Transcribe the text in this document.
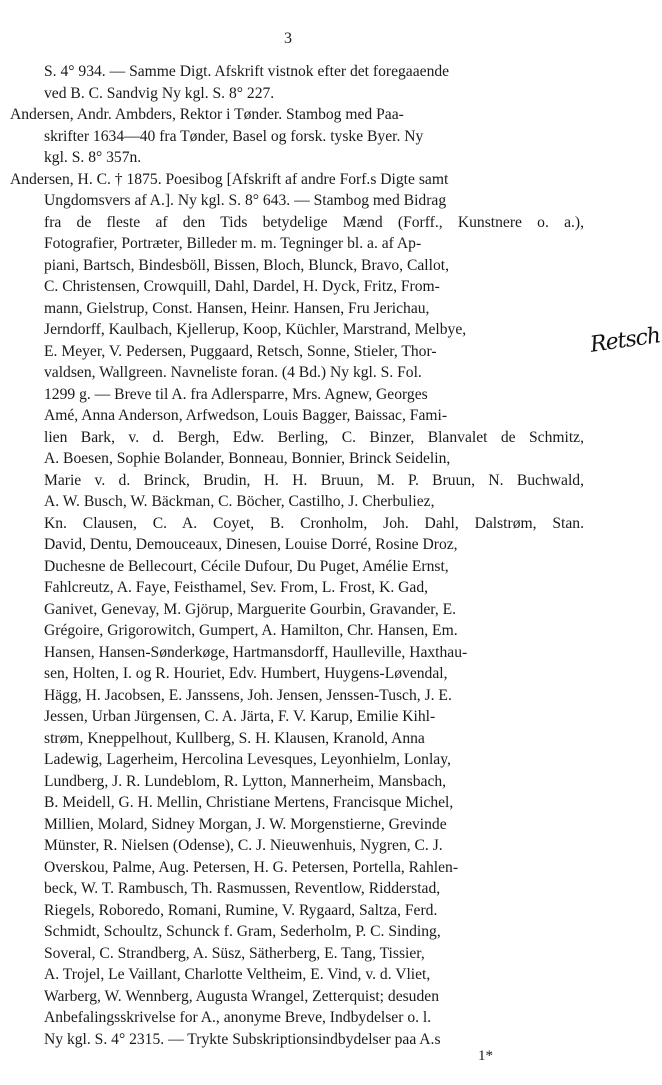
3
S. 4° 934. — Samme Digt. Afskrift vistnok efter det foregaaende
ved B. C. Sandvig Ny kgl. S. 8° 227.
Andersen, Andr. Ambders, Rektor i Tønder. Stambog med Paa-
skrifter 1634—40 fra Tønder, Basel og forsk. tyske Byer. Ny
kgl. S. 8° 357n.
Andersen, H. C. † 1875. Poesibog [Afskrift af andre Forf.s Digte samt
Ungdomsvers af A.]. Ny kgl. S. 8° 643. — Stambog med Bidrag
fra de fleste af den Tids betydelige Mænd (Forff., Kunstnere o. a.),
Fotografier, Portræter, Billeder m. m. Tegninger bl. a. af Ap-
piani, Bartsch, Bindesböll, Bissen, Bloch, Blunck, Bravo, Callot,
C. Christensen, Crowquill, Dahl, Dardel, H. Dyck, Fritz, From-
mann, Gielstrup, Const. Hansen, Heinr. Hansen, Fru Jerichau,
Jerndorff, Kaulbach, Kjellerup, Koop, Küchler, Marstrand, Melbye,
E. Meyer, V. Pedersen, Puggaard, Retsch, Sonne, Stieler, Thor-
valdsen, Wallgreen. Navneliste foran. (4 Bd.) Ny kgl. S. Fol.
1299 g. — Breve til A. fra Adlersparre, Mrs. Agnew, Georges
Amé, Anna Anderson, Arfwedson, Louis Bagger, Baissac, Fami-
lien Bark, v. d. Bergh, Edw. Berling, C. Binzer, Blanvalet de Schmitz,
A. Boesen, Sophie Bolander, Bonneau, Bonnier, Brinck Seidelin,
Marie v. d. Brinck, Brudin, H. H. Bruun, M. P. Bruun, N. Buchwald,
A. W. Busch, W. Bäckman, C. Böcher, Castilho, J. Cherbuliez,
Kn. Clausen, C. A. Coyet, B. Cronholm, Joh. Dahl, Dalstrøm, Stan.
David, Dentu, Demouceaux, Dinesen, Louise Dorré, Rosine Droz,
Duchesne de Bellecourt, Cécile Dufour, Du Puget, Amélie Ernst,
Fahlcreutz, A. Faye, Feisthamel, Sev. From, L. Frost, K. Gad,
Ganivet, Genevay, M. Gjörup, Marguerite Gourbin, Gravander, E.
Grégoire, Grigorowitch, Gumpert, A. Hamilton, Chr. Hansen, Em.
Hansen, Hansen-Sønderkøge, Hartmansdorff, Haulleville, Haxthau-
sen, Holten, I. og R. Houriet, Edv. Humbert, Huygens-Løvendal,
Hägg, H. Jacobsen, E. Janssens, Joh. Jensen, Jenssen-Tusch, J. E.
Jessen, Urban Jürgensen, C. A. Järta, F. V. Karup, Emilie Kihl-
strøm, Kneppelhout, Kullberg, S. H. Klausen, Kranold, Anna
Ladewig, Lagerheim, Hercolina Levesques, Leyonhielm, Lonlay,
Lundberg, J. R. Lundeblom, R. Lytton, Mannerheim, Mansbach,
B. Meidell, G. H. Mellin, Christiane Mertens, Francisque Michel,
Millien, Molard, Sidney Morgan, J. W. Morgenstierne, Grevinde
Münster, R. Nielsen (Odense), C. J. Nieuwenhuis, Nygren, C. J.
Overskou, Palme, Aug. Petersen, H. G. Petersen, Portella, Rahlen-
beck, W. T. Rambusch, Th. Rasmussen, Reventlow, Ridderstad,
Riegels, Roboredo, Romani, Rumine, V. Rygaard, Saltza, Ferd.
Schmidt, Schoultz, Schunck f. Gram, Sederholm, P. C. Sinding,
Soveral, C. Strandberg, A. Süsz, Sätherberg, E. Tang, Tissier,
A. Trojel, Le Vaillant, Charlotte Veltheim, E. Vind, v. d. Vliet,
Warberg, W. Wennberg, Augusta Wrangel, Zetterquist; desuden
Anbefalingsskrivelse for A., anonyme Breve, Indbydelser o. l.
Ny kgl. S. 4° 2315. — Trykte Subskriptionsindbydelser paa A.s
Retsch
1*
